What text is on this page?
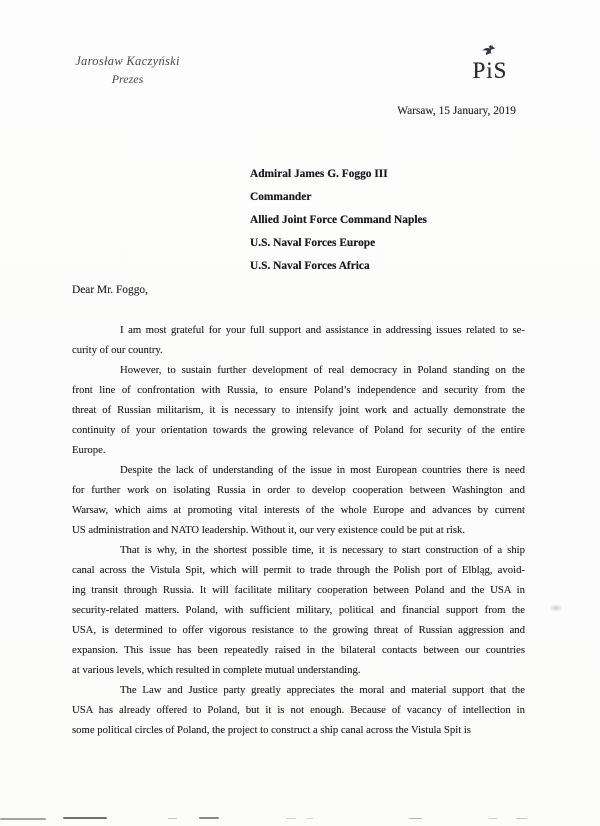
Jarosław Kaczyński
Prezes	PiS
Warsaw, 15 January, 2019
Admiral James G. Foggo III
Commander
Allied Joint Force Command Naples
U.S. Naval Forces Europe
U.S. Naval Forces Africa
Dear Mr. Foggo,
I am most grateful for your full support and assistance in addressing issues related to se-
curity of our country.
However, to sustain further development of real democracy in Poland standing on the
front line of confrontation with Russia, to ensure Poland’s independence and security from the
threat of Russian militarism, it is necessary to intensify joint work and actually demonstrate the
continuity of your orientation towards the growing relevance of Poland for security of the entire
Europe.
Despite the lack of understanding of the issue in most European countries there is need
for further work on isolating Russia in order to develop cooperation between Washington and
Warsaw, which aims at promoting vital interests of the whole Europe and advances by current
US administration and NATO leadership. Without it, our very existence could be put at risk.
That is why, in the shortest possible time, it is necessary to start construction of a ship
canal across the Vistula Spit, which will permit to trade through the Polish port of Elbląg, avoid-
ing transit through Russia. It will facilitate military cooperation between Poland and the USA in
security-related matters. Poland, with sufficient military, political and financial support from the
USA, is determined to offer vigorous resistance to the growing threat of Russian aggression and
expansion. This issue has been repeatedly raised in the bilateral contacts between our countries
at various levels, which resulted in complete mutual understanding.
The Law and Justice party greatly appreciates the moral and material support that the
USA has already offered to Poland, but it is not enough. Because of vacancy of intellection in
some political circles of Poland, the project to construct a ship canal across the Vistula Spit is
